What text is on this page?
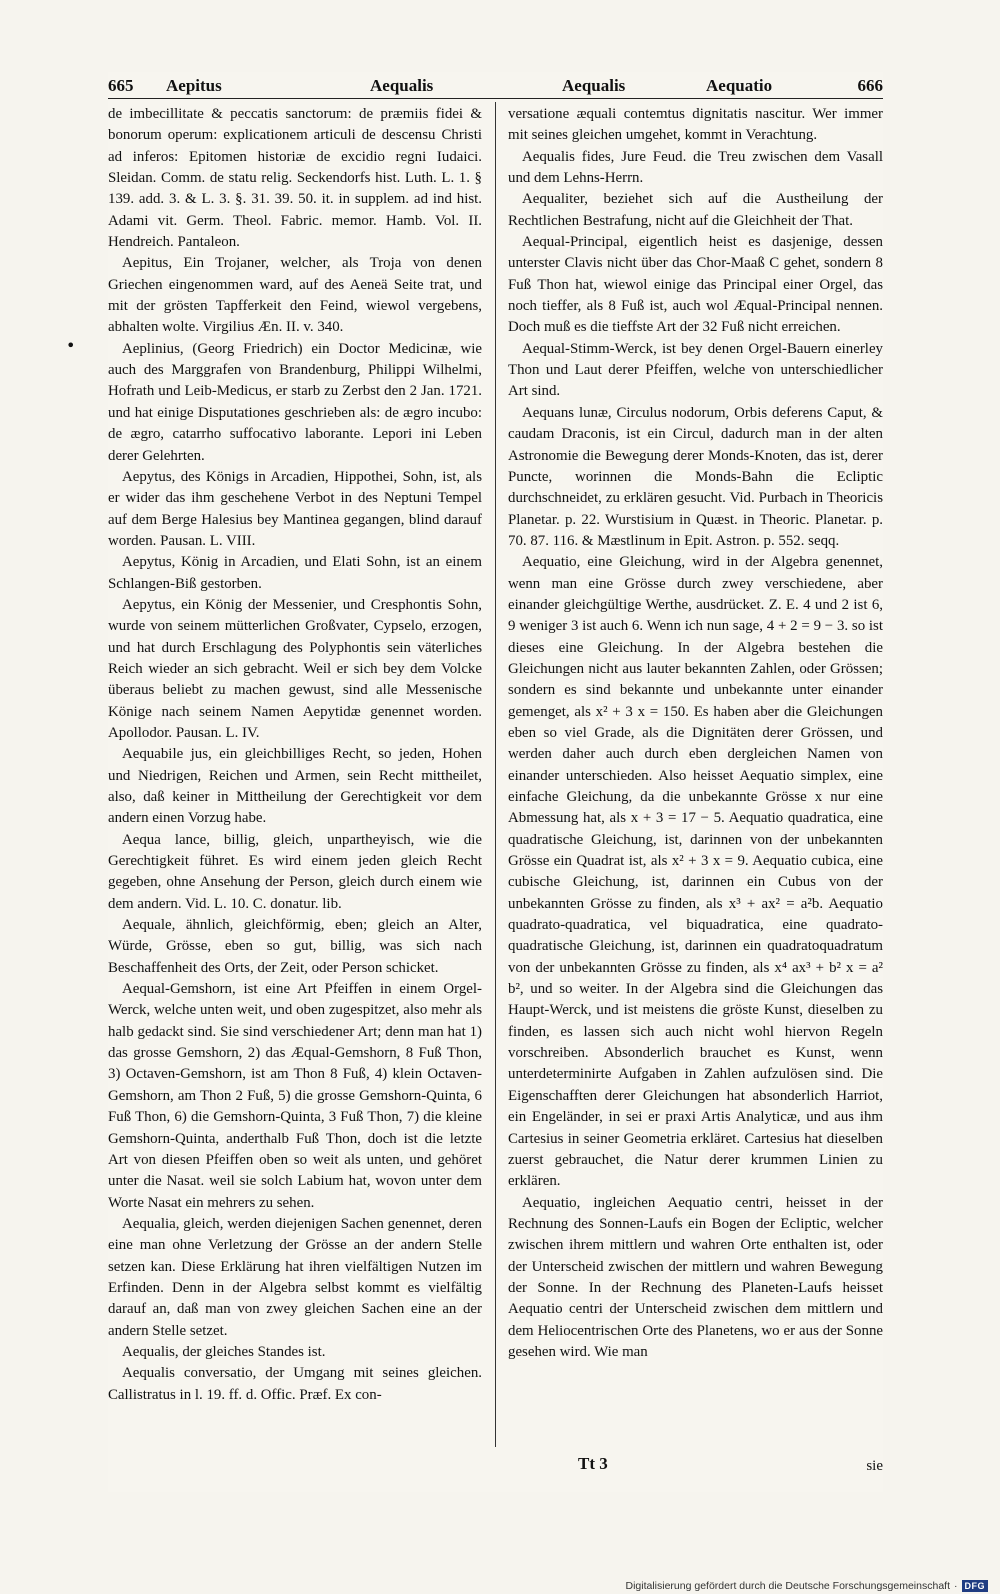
665 Aepitus	Aequalis	Aequalis	Aequatio	666

de imbecillitate & peccatis sanctorum: de præmiis fidei & bonorum operum: explicationem articuli de descensu Christi ad inferos: Epitomen historiæ de excidio regni Iudaici. Sleidan. Comm. de statu relig. Seckendorfs hist. Luth. L. 1. § 139. add. 3. & L. 3. §. 31. 39. 50. it. in supplem. ad ind hist. Adami vit. Germ. Theol. Fabric. memor. Hamb. Vol. II. Hendreich. Pantaleon.

Aepitus, Ein Trojaner, welcher, als Troja von denen Griechen eingenommen ward, auf des Aeneä Seite trat, und mit der grösten Tapfferkeit den Feind, wiewol vergebens, abhalten wolte. Virgilius Æn. II. v. 340.

Aeplinius, (Georg Friedrich) ein Doctor Medicinæ, wie auch des Marggrafen von Brandenburg, Philippi Wilhelmi, Hofrath und Leib-Medicus, er starb zu Zerbst den 2 Jan. 1721. und hat einige Disputationes geschrieben als: de ægro incubo: de ægro, catarrho suffocativo laborante. Lepori ini Leben derer Gelehrten.

Aepytus, des Königs in Arcadien, Hippothei, Sohn, ist, als er wider das ihm geschehene Verbot in des Neptuni Tempel auf dem Berge Halesius bey Mantinea gegangen, blind darauf worden. Pausan. L. VIII.

Aepytus, König in Arcadien, und Elati Sohn, ist an einem Schlangen-Biß gestorben.

Aepytus, ein König der Messenier, und Cresphontis Sohn, wurde von seinem mütterlichen Großvater, Cypselo, erzogen, und hat durch Erschlagung des Polyphontis sein väterliches Reich wieder an sich gebracht. Weil er sich bey dem Volcke überaus beliebt zu machen gewust, sind alle Messenische Könige nach seinem Namen Aepytidæ genennet worden. Apollodor. Pausan. L. IV.

Aequabile jus, ein gleichbilliges Recht, so jeden, Hohen und Niedrigen, Reichen und Armen, sein Recht mittheilet, also, daß keiner in Mittheilung der Gerechtigkeit vor dem andern einen Vorzug habe.

Aequa lance, billig, gleich, unpartheyisch, wie die Gerechtigkeit führet. Es wird einem jeden gleich Recht gegeben, ohne Ansehung der Person, gleich durch einem wie dem andern. Vid. L. 10. C. donatur. lib.

Aequale, ähnlich, gleichförmig, eben; gleich an Alter, Würde, Grösse, eben so gut, billig, was sich nach Beschaffenheit des Orts, der Zeit, oder Person schicket.

Aequal-Gemshorn, ist eine Art Pfeiffen in einem Orgel-Werck, welche unten weit, und oben zugespitzet, also mehr als halb gedackt sind. Sie sind verschiedener Art; denn man hat 1) das grosse Gemshorn, 2) das Æqual-Gemshorn, 8 Fuß Thon, 3) Octaven-Gemshorn, ist am Thon 8 Fuß, 4) klein Octaven-Gemshorn, am Thon 2 Fuß, 5) die grosse Gemshorn-Quinta, 6 Fuß Thon, 6) die Gemshorn-Quinta, 3 Fuß Thon, 7) die kleine Gemshorn-Quinta, anderthalb Fuß Thon, doch ist die letzte Art von diesen Pfeiffen oben so weit als unten, und gehöret unter die Nasat. weil sie solch Labium hat, wovon unter dem Worte Nasat ein mehrers zu sehen.

Aequalia, gleich, werden diejenigen Sachen genennet, deren eine man ohne Verletzung der Grösse an der andern Stelle setzen kan. Diese Erklärung hat ihren vielfältigen Nutzen im Erfinden. Denn in der Algebra selbst kommt es vielfältig darauf an, daß man von zwey gleichen Sachen eine an der andern Stelle setzet.

Aequalis, der gleiches Standes ist.

Aequalis conversatio, der Umgang mit seines gleichen. Callistratus in l. 19. ff. d. Offic. Præf. Ex con-

versatione æquali contemtus dignitatis nascitur. Wer immer mit seines gleichen umgehet, kommt in Verachtung.

Aequalis fides, Jure Feud. die Treu zwischen dem Vasall und dem Lehns-Herrn.

Aequaliter, beziehet sich auf die Austheilung der Rechtlichen Bestrafung, nicht auf die Gleichheit der That.

Aequal-Principal, eigentlich heist es dasjenige, dessen unterster Clavis nicht über das Chor-Maaß C gehet, sondern 8 Fuß Thon hat, wiewol einige das Principal einer Orgel, das noch tieffer, als 8 Fuß ist, auch wol Æqual-Principal nennen. Doch muß es die tieffste Art der 32 Fuß nicht erreichen.

Aequal-Stimm-Werck, ist bey denen Orgel-Bauern einerley Thon und Laut derer Pfeiffen, welche von unterschiedlicher Art sind.

Aequans lunæ, Circulus nodorum, Orbis deferens Caput, & caudam Draconis, ist ein Circul, dadurch man in der alten Astronomie die Bewegung derer Monds-Knoten, das ist, derer Puncte, worinnen die Monds-Bahn die Ecliptic durchschneidet, zu erklären gesucht. Vid. Purbach in Theoricis Planetar. p. 22. Wurstisium in Quæst. in Theoric. Planetar. p. 70. 87. 116. & Mæstlinum in Epit. Astron. p. 552. seqq.

Aequatio, eine Gleichung, wird in der Algebra genennet, wenn man eine Grösse durch zwey verschiedene, aber einander gleichgültige Werthe, ausdrücket. Z. E. 4 und 2 ist 6, 9 weniger 3 ist auch 6. Wenn ich nun sage, 4 + 2 = 9 − 3. so ist dieses eine Gleichung. In der Algebra bestehen die Gleichungen nicht aus lauter bekannten Zahlen, oder Grössen; sondern es sind bekannte und unbekannte unter einander gemenget, als x² + 3 x = 150. Es haben aber die Gleichungen eben so viel Grade, als die Dignitäten derer Grössen, und werden daher auch durch eben dergleichen Namen von einander unterschieden. Also heisset Aequatio simplex, eine einfache Gleichung, da die unbekannte Grösse x nur eine Abmessung hat, als x + 3 = 17 − 5. Aequatio quadratica, eine quadratische Gleichung, ist, darinnen von der unbekannten Grösse ein Quadrat ist, als x² + 3 x = 9. Aequatio cubica, eine cubische Gleichung, ist, darinnen ein Cubus von der unbekannten Grösse zu finden, als x³ + ax² = a²b. Aequatio quadrato-quadratica, vel biquadratica, eine quadrato-quadratische Gleichung, ist, darinnen ein quadratoquadratum von der unbekannten Grösse zu finden, als x⁴ ax³ + b² x = a² b², und so weiter. In der Algebra sind die Gleichungen das Haupt-Werck, und ist meistens die gröste Kunst, dieselben zu finden, es lassen sich auch nicht wohl hiervon Regeln vorschreiben. Absonderlich brauchet es Kunst, wenn unterdeterminirte Aufgaben in Zahlen aufzulösen sind. Die Eigenschafften derer Gleichungen hat absonderlich Harriot, ein Engeländer, in sei er praxi Artis Analyticæ, und aus ihm Cartesius in seiner Geometria erkläret. Cartesius hat dieselben zuerst gebrauchet, die Natur derer krummen Linien zu erklären.

Aequatio, ingleichen Aequatio centri, heisset in der Rechnung des Sonnen-Laufs ein Bogen der Ecliptic, welcher zwischen ihrem mittlern und wahren Orte enthalten ist, oder der Unterscheid zwischen der mittlern und wahren Bewegung der Sonne. In der Rechnung des Planeten-Laufs heisset Aequatio centri der Unterscheid zwischen dem mittlern und dem Heliocentrischen Orte des Planetens, wo er aus der Sonne gesehen wird. Wie man

Tt 3	sie
•
Digitalisierung gefördert durch die Deutsche Forschungsgemeinschaft · DFG
